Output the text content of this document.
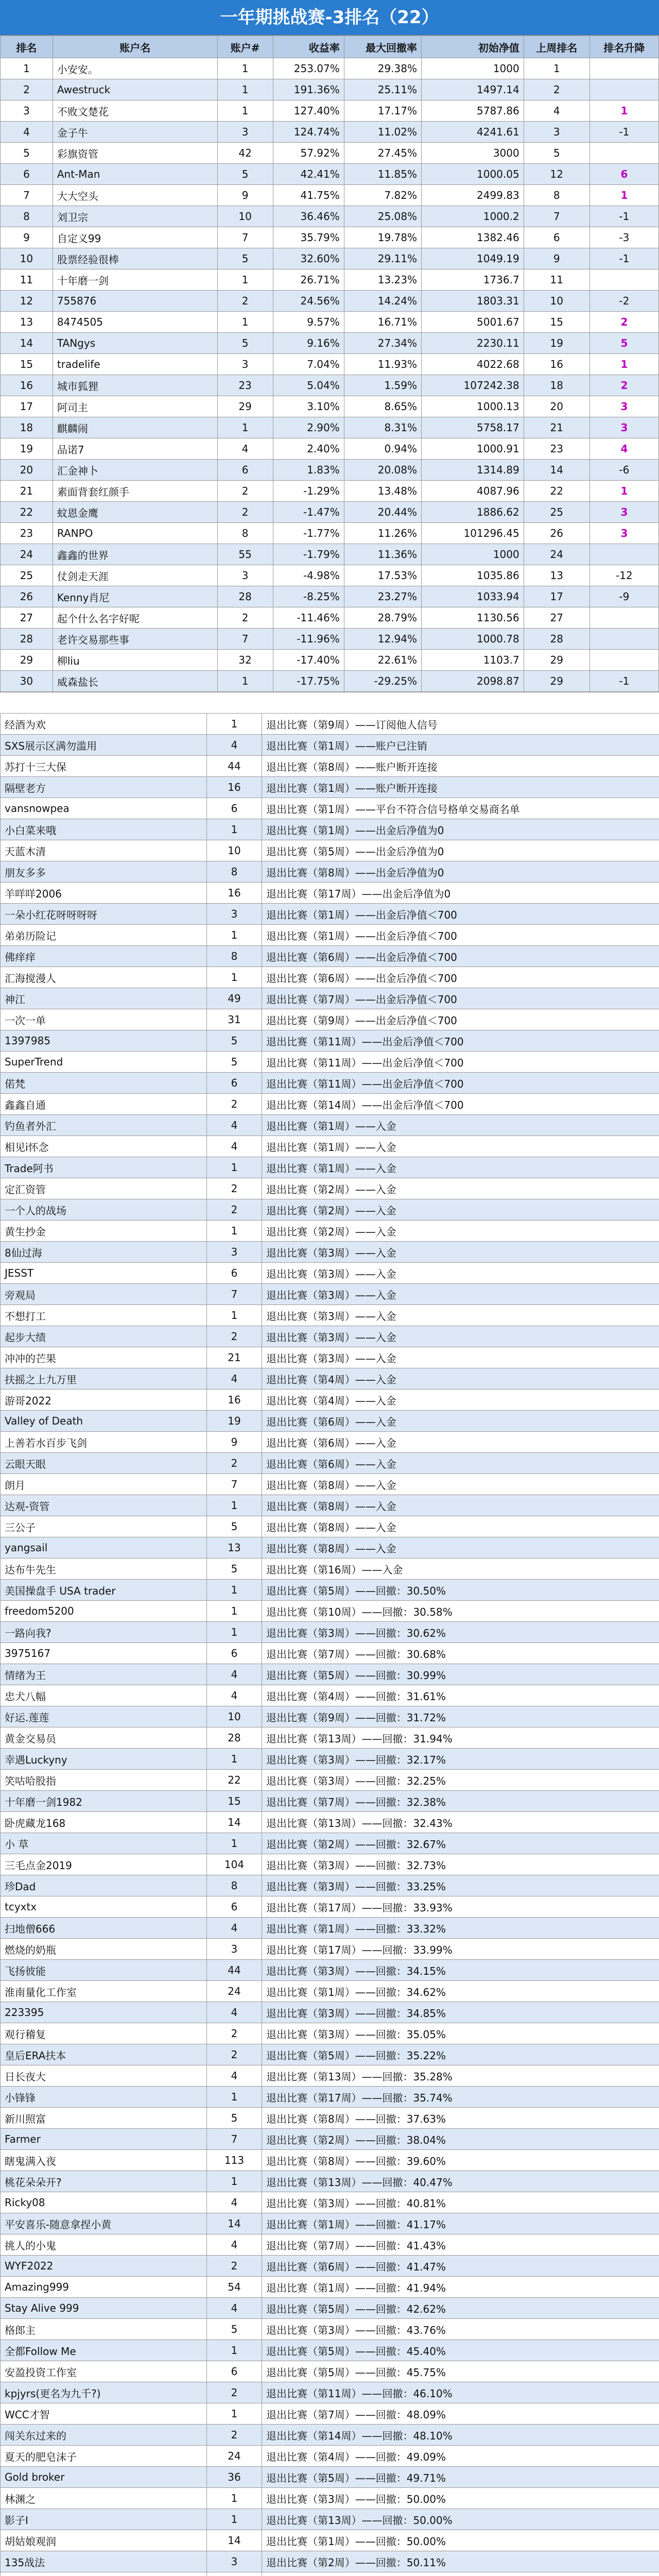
一年期挑战赛-3排名（22）
排名	账户名	账户#	收益率	最大回撤率	初始净值	上周排名	排名升降
1	小安安。	1	253.07%	29.38%	1000	1	
2	Awestruck	1	191.36%	25.11%	1497.14	2	
3	不败文楚花	1	127.40%	17.17%	5787.86	4	1
4	金子牛	3	124.74%	11.02%	4241.61	3	-1
5	彩旗资管	42	57.92%	27.45%	3000	5	
6	Ant-Man	5	42.41%	11.85%	1000.05	12	6
7	大大空头	9	41.75%	7.82%	2499.83	8	1
8	刘卫宗	10	36.46%	25.08%	1000.2	7	-1
9	自定义99	7	35.79%	19.78%	1382.46	6	-3
10	股票经验很棒	5	32.60%	29.11%	1049.19	9	-1
11	十年磨一剑	1	26.71%	13.23%	1736.7	11	
12	755876	2	24.56%	14.24%	1803.31	10	-2
13	8474505	1	9.57%	16.71%	5001.67	15	2
14	TANgys	5	9.16%	27.34%	2230.11	19	5
15	tradelife	3	7.04%	11.93%	4022.68	16	1
16	城市狐狸	23	5.04%	1.59%	107242.38	18	2
17	阿司主	29	3.10%	8.65%	1000.13	20	3
18	麒麟闹	1	2.90%	8.31%	5758.17	21	3
19	品诺7	4	2.40%	0.94%	1000.91	23	4
20	汇金神卜	6	1.83%	20.08%	1314.89	14	-6
21	素面背套红颜手	2	-1.29%	13.48%	4087.96	22	1
22	蚊恩金鹰	2	-1.47%	20.44%	1886.62	25	3
23	RANPO	8	-1.77%	11.26%	101296.45	26	3
24	鑫鑫的世界	55	-1.79%	11.36%	1000	24	
25	仗剑走天涯	3	-4.98%	17.53%	1035.86	13	-12
26	Kenny肖尼	28	-8.25%	23.27%	1033.94	17	-9
27	起个什么名字好呢	2	-11.46%	28.79%	1130.56	27	
28	老许交易那些事	7	-11.96%	12.94%	1000.78	28	
29	柳liu	32	-17.40%	22.61%	1103.7	29	
30	威森盐长	1	-17.75%	-29.25%	2098.87	29	-1
经酒为欢	1	退出比赛（第9周）——订阅他人信号
SXS展示区满勿滥用	4	退出比赛（第1周）——账户已注销
苏打十三大保	44	退出比赛（第8周）——账户断开连接
隔壁老方	16	退出比赛（第1周）——账户断开连接
vansnowpea	6	退出比赛（第1周）——平台不符合信号格单交易商名单
小白菜来哦	1	退出比赛（第1周）——出金后净值为0
天蓝木清	10	退出比赛（第5周）——出金后净值为0
朋友多多	8	退出比赛（第8周）——出金后净值为0
羊咩咩2006	16	退出比赛（第17周）——出金后净值为0
一朵小红花呀呀呀呀	3	退出比赛（第1周）——出金后净值＜700
弟弟历险记	1	退出比赛（第1周）——出金后净值＜700
佛痒痒	8	退出比赛（第6周）——出金后净值＜700
汇海搅漫人	1	退出比赛（第6周）——出金后净值＜700
神江	49	退出比赛（第7周）——出金后净值＜700
一次一单	31	退出比赛（第9周）——出金后净值＜700
1397985	5	退出比赛（第11周）——出金后净值＜700
SuperTrend	5	退出比赛（第11周）——出金后净值＜700
偌梵	6	退出比赛（第11周）——出金后净值＜700
鑫鑫自通	2	退出比赛（第14周）——出金后净值＜700
钓鱼者外汇	4	退出比赛（第1周）——入金
相见i怀念	4	退出比赛（第1周）——入金
Trade阿书	1	退出比赛（第1周）——入金
定汇资管	2	退出比赛（第2周）——入金
一个人的战场	2	退出比赛（第2周）——入金
黄生抄金	1	退出比赛（第2周）——入金
8仙过海	3	退出比赛（第3周）——入金
JESST	6	退出比赛（第3周）——入金
旁观局	7	退出比赛（第3周）——入金
不想打工	1	退出比赛（第3周）——入金
起步大绩	2	退出比赛（第3周）——入金
冲冲的芒果	21	退出比赛（第3周）——入金
扶摇之上九万里	4	退出比赛（第4周）——入金
游哥2022	16	退出比赛（第4周）——入金
Valley of Death	19	退出比赛（第6周）——入金
上善若水百步飞剑	9	退出比赛（第6周）——入金
云眼天眼	2	退出比赛（第6周）——入金
朗月	7	退出比赛（第8周）——入金
达观-资管	1	退出比赛（第8周）——入金
三公子	5	退出比赛（第8周）——入金
yangsail	13	退出比赛（第8周）——入金
达布牛先生	5	退出比赛（第16周）——入金
美国操盘手 USA trader	1	退出比赛（第5周）——回撤：30.50%
freedom5200	1	退出比赛（第10周）——回撤：30.58%
一路向我?	1	退出比赛（第3周）——回撤：30.62%
3975167	6	退出比赛（第7周）——回撤：30.68%
情绪为王	4	退出比赛（第5周）——回撤：30.99%
忠犬八幅	4	退出比赛（第4周）——回撤：31.61%
好运.莲莲	10	退出比赛（第9周）——回撤：31.72%
黄金交易员	28	退出比赛（第13周）——回撤：31.94%
幸遇Luckyny	1	退出比赛（第3周）——回撤：32.17%
笑咕哈股指	22	退出比赛（第3周）——回撤：32.25%
十年磨一剑1982	15	退出比赛（第7周）——回撤：32.38%
卧虎藏龙168	14	退出比赛（第13周）——回撤：32.43%
小 草	1	退出比赛（第2周）——回撤：32.67%
三毛点金2019	104	退出比赛（第3周）——回撤：32.73%
珍Dad	8	退出比赛（第3周）——回撤：33.25%
tcyxtx	6	退出比赛（第17周）——回撤：33.93%
扫地僧666	4	退出比赛（第1周）——回撤：33.32%
燃烧的奶瓶	3	退出比赛（第17周）——回撤：33.99%
飞扬彼能	44	退出比赛（第3周）——回撤：34.15%
淮南量化工作室	24	退出比赛（第1周）——回撤：34.62%
223395	4	退出比赛（第3周）——回撤：34.85%
观行稽复	2	退出比赛（第3周）——回撤：35.05%
皇后ERA扶本	2	退出比赛（第5周）——回撤：35.22%
日长夜大	4	退出比赛（第13周）——回撤：35.28%
小锋锋	1	退出比赛（第17周）——回撤：35.74%
新川照富	5	退出比赛（第8周）——回撤：37.63%
Farmer	7	退出比赛（第2周）——回撤：38.04%
瞎鬼满入夜	113	退出比赛（第8周）——回撤：39.60%
桃花朵朵开?	1	退出比赛（第13周）——回撤：40.47%
Ricky08	4	退出比赛（第3周）——回撤：40.81%
平安喜乐-随意拿捏小黄	14	退出比赛（第1周）——回撤：41.17%
挑人的小鬼	4	退出比赛（第7周）——回撤：41.43%
WYF2022	2	退出比赛（第6周）——回撤：41.47%
Amazing999	54	退出比赛（第1周）——回撤：41.94%
Stay Alive 999	4	退出比赛（第5周）——回撤：42.62%
格郎主	5	退出比赛（第3周）——回撤：43.76%
全都Follow Me	1	退出比赛（第5周）——回撤：45.40%
安盈投资工作室	6	退出比赛（第5周）——回撤：45.75%
kpjyrs(更名为九千?)	2	退出比赛（第11周）——回撤：46.10%
WCC才智	1	退出比赛（第7周）——回撤：48.09%
闯关东过来的	2	退出比赛（第14周）——回撤：48.10%
夏天的肥皂沫子	24	退出比赛（第4周）——回撤：49.09%
Gold broker	36	退出比赛（第5周）——回撤：49.71%
林渊之	1	退出比赛（第3周）——回撤：50.00%
影子I	1	退出比赛（第13周）——回撤：50.00%
胡姑娘观润	14	退出比赛（第1周）——回撤：50.00%
135战法	3	退出比赛（第2周）——回撤：50.11%
